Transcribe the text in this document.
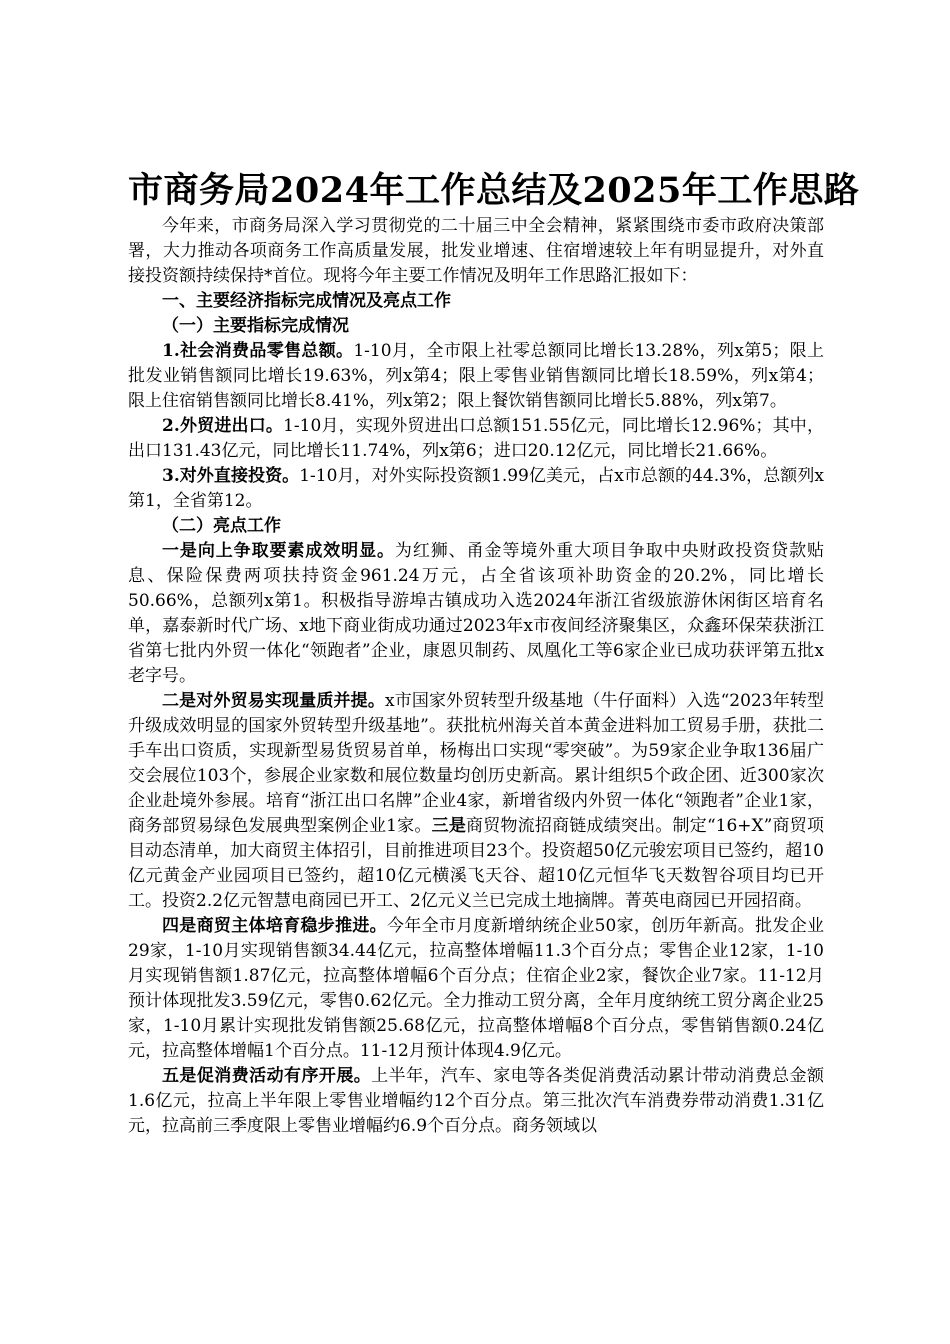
市商务局2024年工作总结及2025年工作思路

今年来，市商务局深入学习贯彻党的二十届三中全会精神，紧紧围绕市委市政府决策部署，大力推动各项商务工作高质量发展，批发业增速、住宿增速较上年有明显提升，对外直接投资额持续保持*首位。现将今年主要工作情况及明年工作思路汇报如下：

一、主要经济指标完成情况及亮点工作

（一）主要指标完成情况

1.社会消费品零售总额。1-10月，全市限上社零总额同比增长13.28%，列x第5；限上批发业销售额同比增长19.63%，列x第4；限上零售业销售额同比增长18.59%，列x第4；限上住宿销售额同比增长8.41%，列x第2；限上餐饮销售额同比增长5.88%，列x第7。

2.外贸进出口。1-10月，实现外贸进出口总额151.55亿元，同比增长12.96%；其中，出口131.43亿元，同比增长11.74%，列x第6；进口20.12亿元，同比增长21.66%。

3.对外直接投资。1-10月，对外实际投资额1.99亿美元，占x市总额的44.3%，总额列x第1，全省第12。

（二）亮点工作

一是向上争取要素成效明显。为红狮、甬金等境外重大项目争取中央财政投资贷款贴息、保险保费两项扶持资金961.24万元，占全省该项补助资金的20.2%，同比增长50.66%，总额列x第1。积极指导游埠古镇成功入选2024年浙江省级旅游休闲街区培育名单，嘉泰新时代广场、x地下商业街成功通过2023年x市夜间经济聚集区，众鑫环保荣获浙江省第七批内外贸一体化“领跑者”企业，康恩贝制药、凤凰化工等6家企业已成功获评第五批x老字号。

二是对外贸易实现量质并提。x市国家外贸转型升级基地（牛仔面料）入选“2023年转型升级成效明显的国家外贸转型升级基地”。获批杭州海关首本黄金进料加工贸易手册，获批二手车出口资质，实现新型易货贸易首单，杨梅出口实现“零突破”。为59家企业争取136届广交会展位103个，参展企业家数和展位数量均创历史新高。累计组织5个政企团、近300家次企业赴境外参展。培育“浙江出口名牌”企业4家，新增省级内外贸一体化“领跑者”企业1家，商务部贸易绿色发展典型案例企业1家。三是商贸物流招商链成绩突出。制定“16+X”商贸项目动态清单，加大商贸主体招引，目前推进项目23个。投资超50亿元骏宏项目已签约，超10亿元黄金产业园项目已签约，超10亿元横溪飞天谷、超10亿元恒华飞天数智谷项目均已开工。投资2.2亿元智慧电商园已开工、2亿元义兰已完成土地摘牌。菁英电商园已开园招商。

四是商贸主体培育稳步推进。今年全市月度新增纳统企业50家，创历年新高。批发企业29家，1-10月实现销售额34.44亿元，拉高整体增幅11.3个百分点；零售企业12家，1-10月实现销售额1.87亿元，拉高整体增幅6个百分点；住宿企业2家，餐饮企业7家。11-12月预计体现批发3.59亿元，零售0.62亿元。全力推动工贸分离，全年月度纳统工贸分离企业25家，1-10月累计实现批发销售额25.68亿元，拉高整体增幅8个百分点，零售销售额0.24亿元，拉高整体增幅1个百分点。11-12月预计体现4.9亿元。

五是促消费活动有序开展。上半年，汽车、家电等各类促消费活动累计带动消费总金额1.6亿元，拉高上半年限上零售业增幅约12个百分点。第三批次汽车消费券带动消费1.31亿元，拉高前三季度限上零售业增幅约6.9个百分点。商务领域以
